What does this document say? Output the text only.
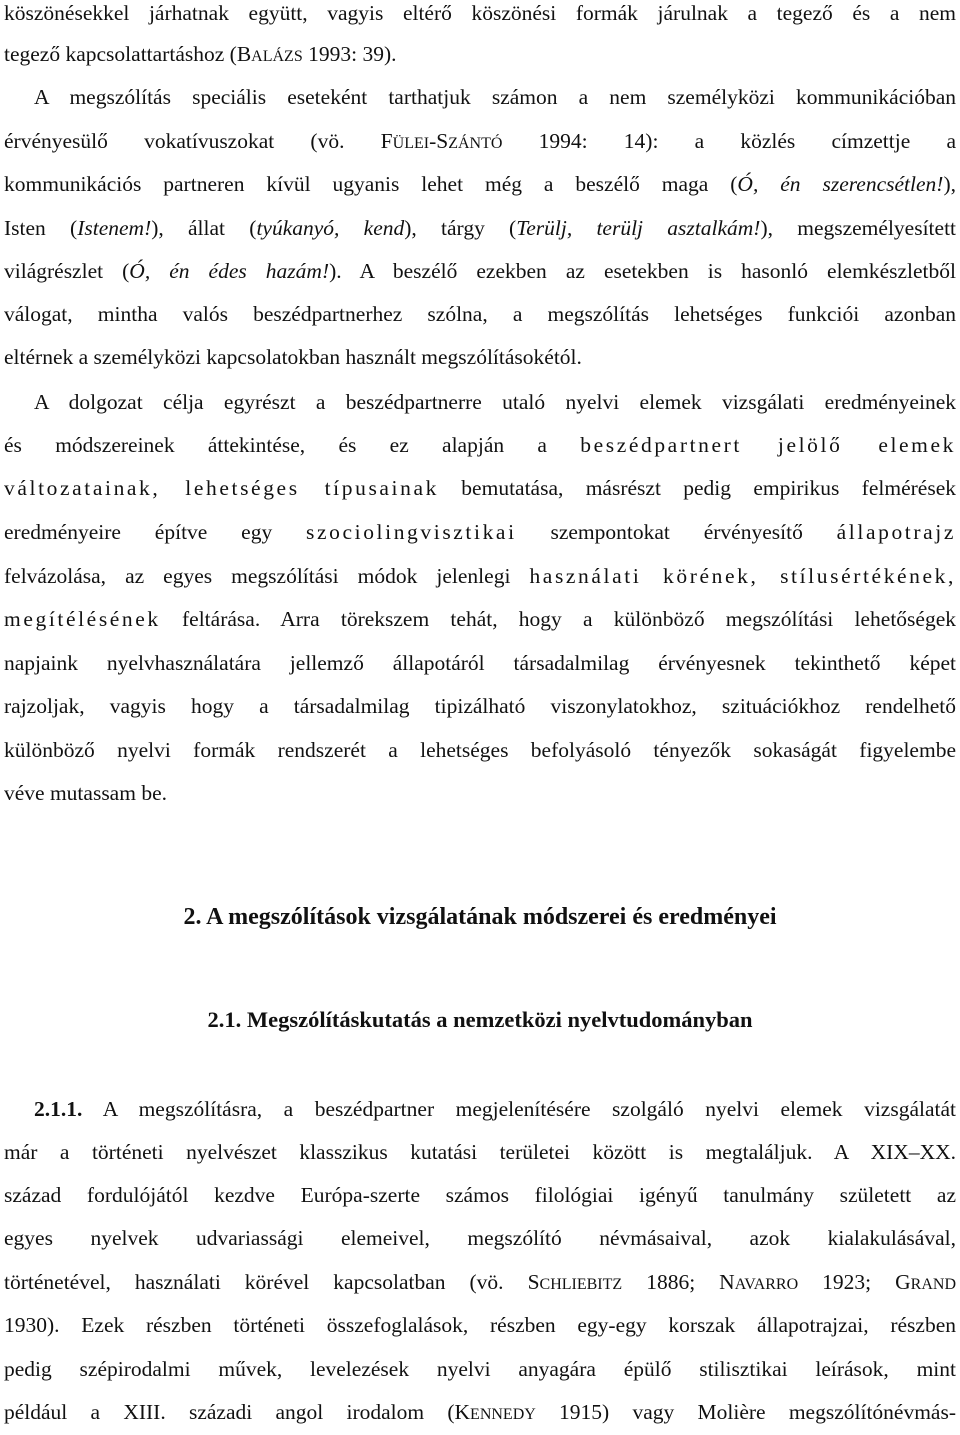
köszönésekkel járhatnak együtt, vagyis eltérő köszönési formák járulnak a tegező és a nem
tegező kapcsolattartáshoz (BALÁZS 1993: 39).
A megszólítás speciális eseteként tarthatjuk számon a nem személyközi kommunikációban
érvényesülő vokatívuszokat (vö. FÜLEI-SZÁNTÓ 1994: 14): a közlés címzettje a
kommunikációs partneren kívül ugyanis lehet még a beszélő maga (Ó, én szerencsétlen!),
Isten (Istenem!), állat (tyúkanyó, kend), tárgy (Terülj, terülj asztalkám!), megszemélyesített
világrészlet (Ó, én édes hazám!). A beszélő ezekben az esetekben is hasonló elemkészletből
válogat, mintha valós beszédpartnerhez szólna, a megszólítás lehetséges funkciói azonban
eltérnek a személyközi kapcsolatokban használt megszólításokétól.
A dolgozat célja egyrészt a beszédpartnerre utaló nyelvi elemek vizsgálati eredményeinek
és módszereinek áttekintése, és ez alapján a beszédpartnert jelölő elemek
változatainak, lehetséges típusainak bemutatása, másrészt pedig empirikus felmérések
eredményeire építve egy szociolingvisztikai szempontokat érvényesítő állapotrajz
felvázolása, az egyes megszólítási módok jelenlegi használati körének, stílusértékének,
megítélésének feltárása. Arra törekszem tehát, hogy a különböző megszólítási lehetőségek
napjaink nyelvhasználatára jellemző állapotáról társadalmilag érvényesnek tekinthető képet
rajzoljak, vagyis hogy a társadalmilag tipizálható viszonylatokhoz, szituációkhoz rendelhető
különböző nyelvi formák rendszerét a lehetséges befolyásoló tényezők sokaságát figyelembe
véve mutassam be.
2. A megszólítások vizsgálatának módszerei és eredményei
2.1. Megszólításkutatás a nemzetközi nyelvtudományban
2.1.1. A megszólításra, a beszédpartner megjelenítésére szolgáló nyelvi elemek vizsgálatát
már a történeti nyelvészet klasszikus kutatási területei között is megtaláljuk. A XIX–XX.
század fordulójától kezdve Európa-szerte számos filológiai igényű tanulmány született az
egyes nyelvek udvariassági elemeivel, megszólító névmásaival, azok kialakulásával,
történetével, használati körével kapcsolatban (vö. SCHLIEBITZ 1886; NAVARRO 1923; GRAND
1930). Ezek részben történeti összefoglalások, részben egy-egy korszak állapotrajzai, részben
pedig szépirodalmi művek, levelezések nyelvi anyagára épülő stilisztikai leírások, mint
például a XIII. századi angol irodalom (KENNEDY 1915) vagy Molière megszólítónévmás-
